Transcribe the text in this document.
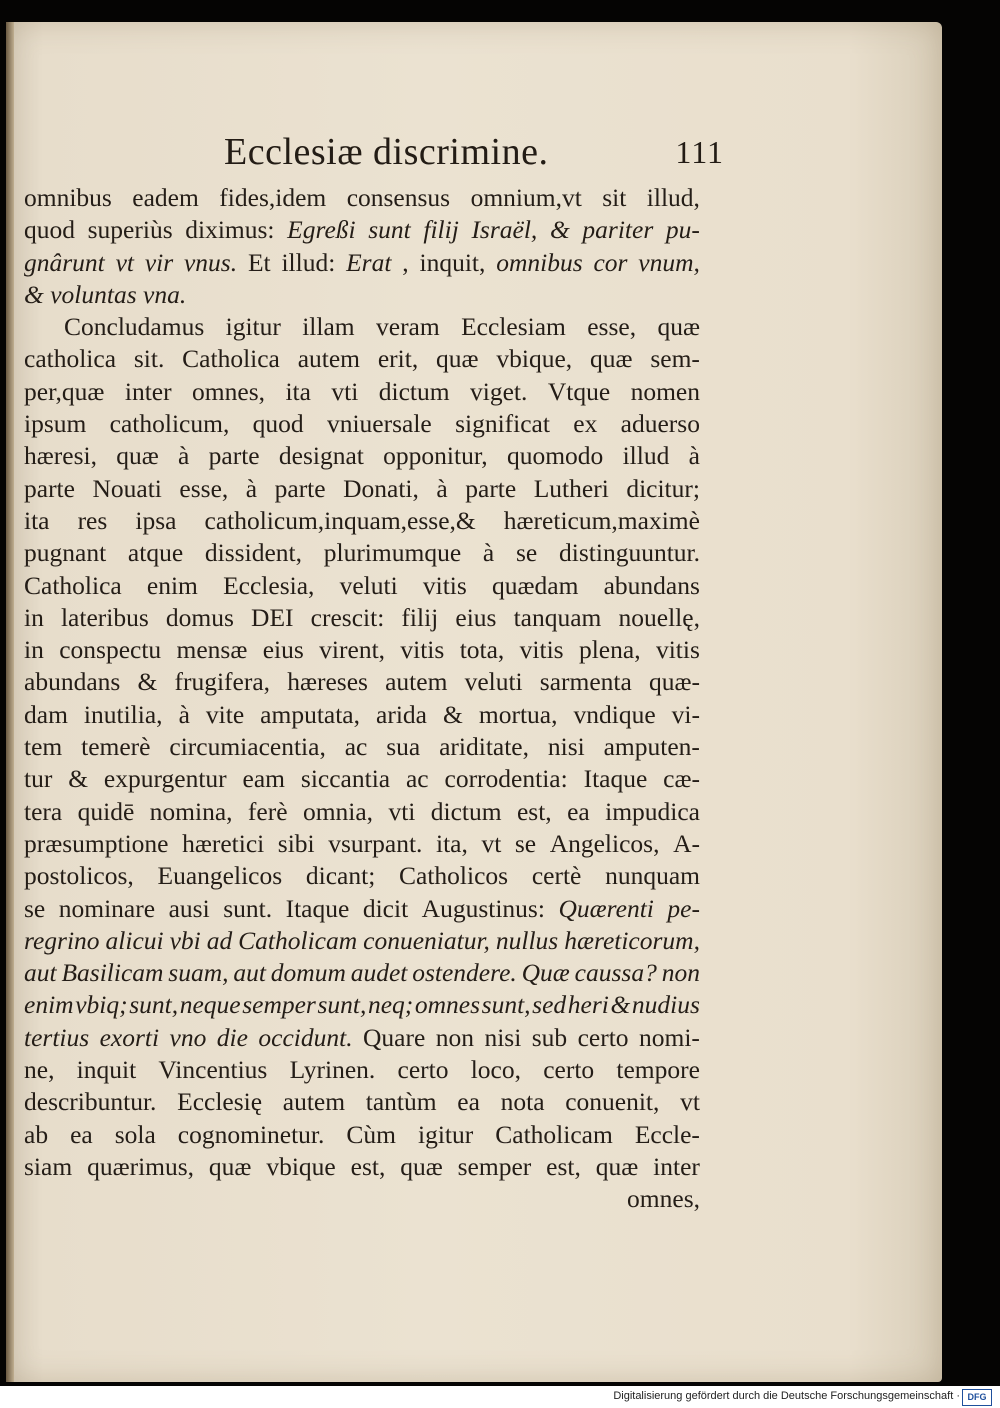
Ecclesiæ discrimine.	111
omnibus eadem fides,idem consensus omnium,vt sit illud,
quod superiùs diximus: Egreßi sunt filij Israël, & pariter pu-
gnârunt vt vir vnus. Et illud: Erat , inquit, omnibus cor vnum,
& voluntas vna.
Concludamus igitur illam veram Ecclesiam esse, quæ
catholica sit. Catholica autem erit, quæ vbique, quæ sem-
per,quæ inter omnes, ita vti dictum viget. Vtque nomen
ipsum catholicum, quod vniuersale significat ex aduerso
hæresi, quæ à parte designat opponitur, quomodo illud à
parte Nouati esse, à parte Donati, à parte Lutheri dicitur;
ita res ipsa catholicum,inquam,esse,& hæreticum,maximè
pugnant atque dissident, plurimumque à se distinguuntur.
Catholica enim Ecclesia, veluti vitis quædam abundans
in lateribus domus DEI crescit: filij eius tanquam nouellę,
in conspectu mensæ eius virent, vitis tota, vitis plena, vitis
abundans & frugifera, hæreses autem veluti sarmenta quæ-
dam inutilia, à vite amputata, arida & mortua, vndique vi-
tem temerè circumiacentia, ac sua ariditate, nisi amputen-
tur & expurgentur eam siccantia ac corrodentia: Itaque cæ-
tera quidē nomina, ferè omnia, vti dictum est, ea impudica
præsumptione hæretici sibi vsurpant. ita, vt se Angelicos, A-
postolicos, Euangelicos dicant; Catholicos certè nunquam
se nominare ausi sunt. Itaque dicit Augustinus: Quærenti pe-
regrino alicui vbi ad Catholicam conueniatur, nullus hæreticorum,
aut Basilicam suam, aut domum audet ostendere. Quæ caussa? non
enim vbiq; sunt, neque semper sunt, neq; omnes sunt, sed heri & nudius
tertius exorti vno die occidunt. Quare non nisi sub certo nomi-
ne, inquit Vincentius Lyrinen. certo loco, certo tempore
describuntur. Ecclesię autem tantùm ea nota conuenit, vt
ab ea sola cognominetur. Cùm igitur Catholicam Eccle-
siam quærimus, quæ vbique est, quæ semper est, quæ inter
omnes,
Digitalisierung gefördert durch die Deutsche Forschungsgemeinschaft · DFG
